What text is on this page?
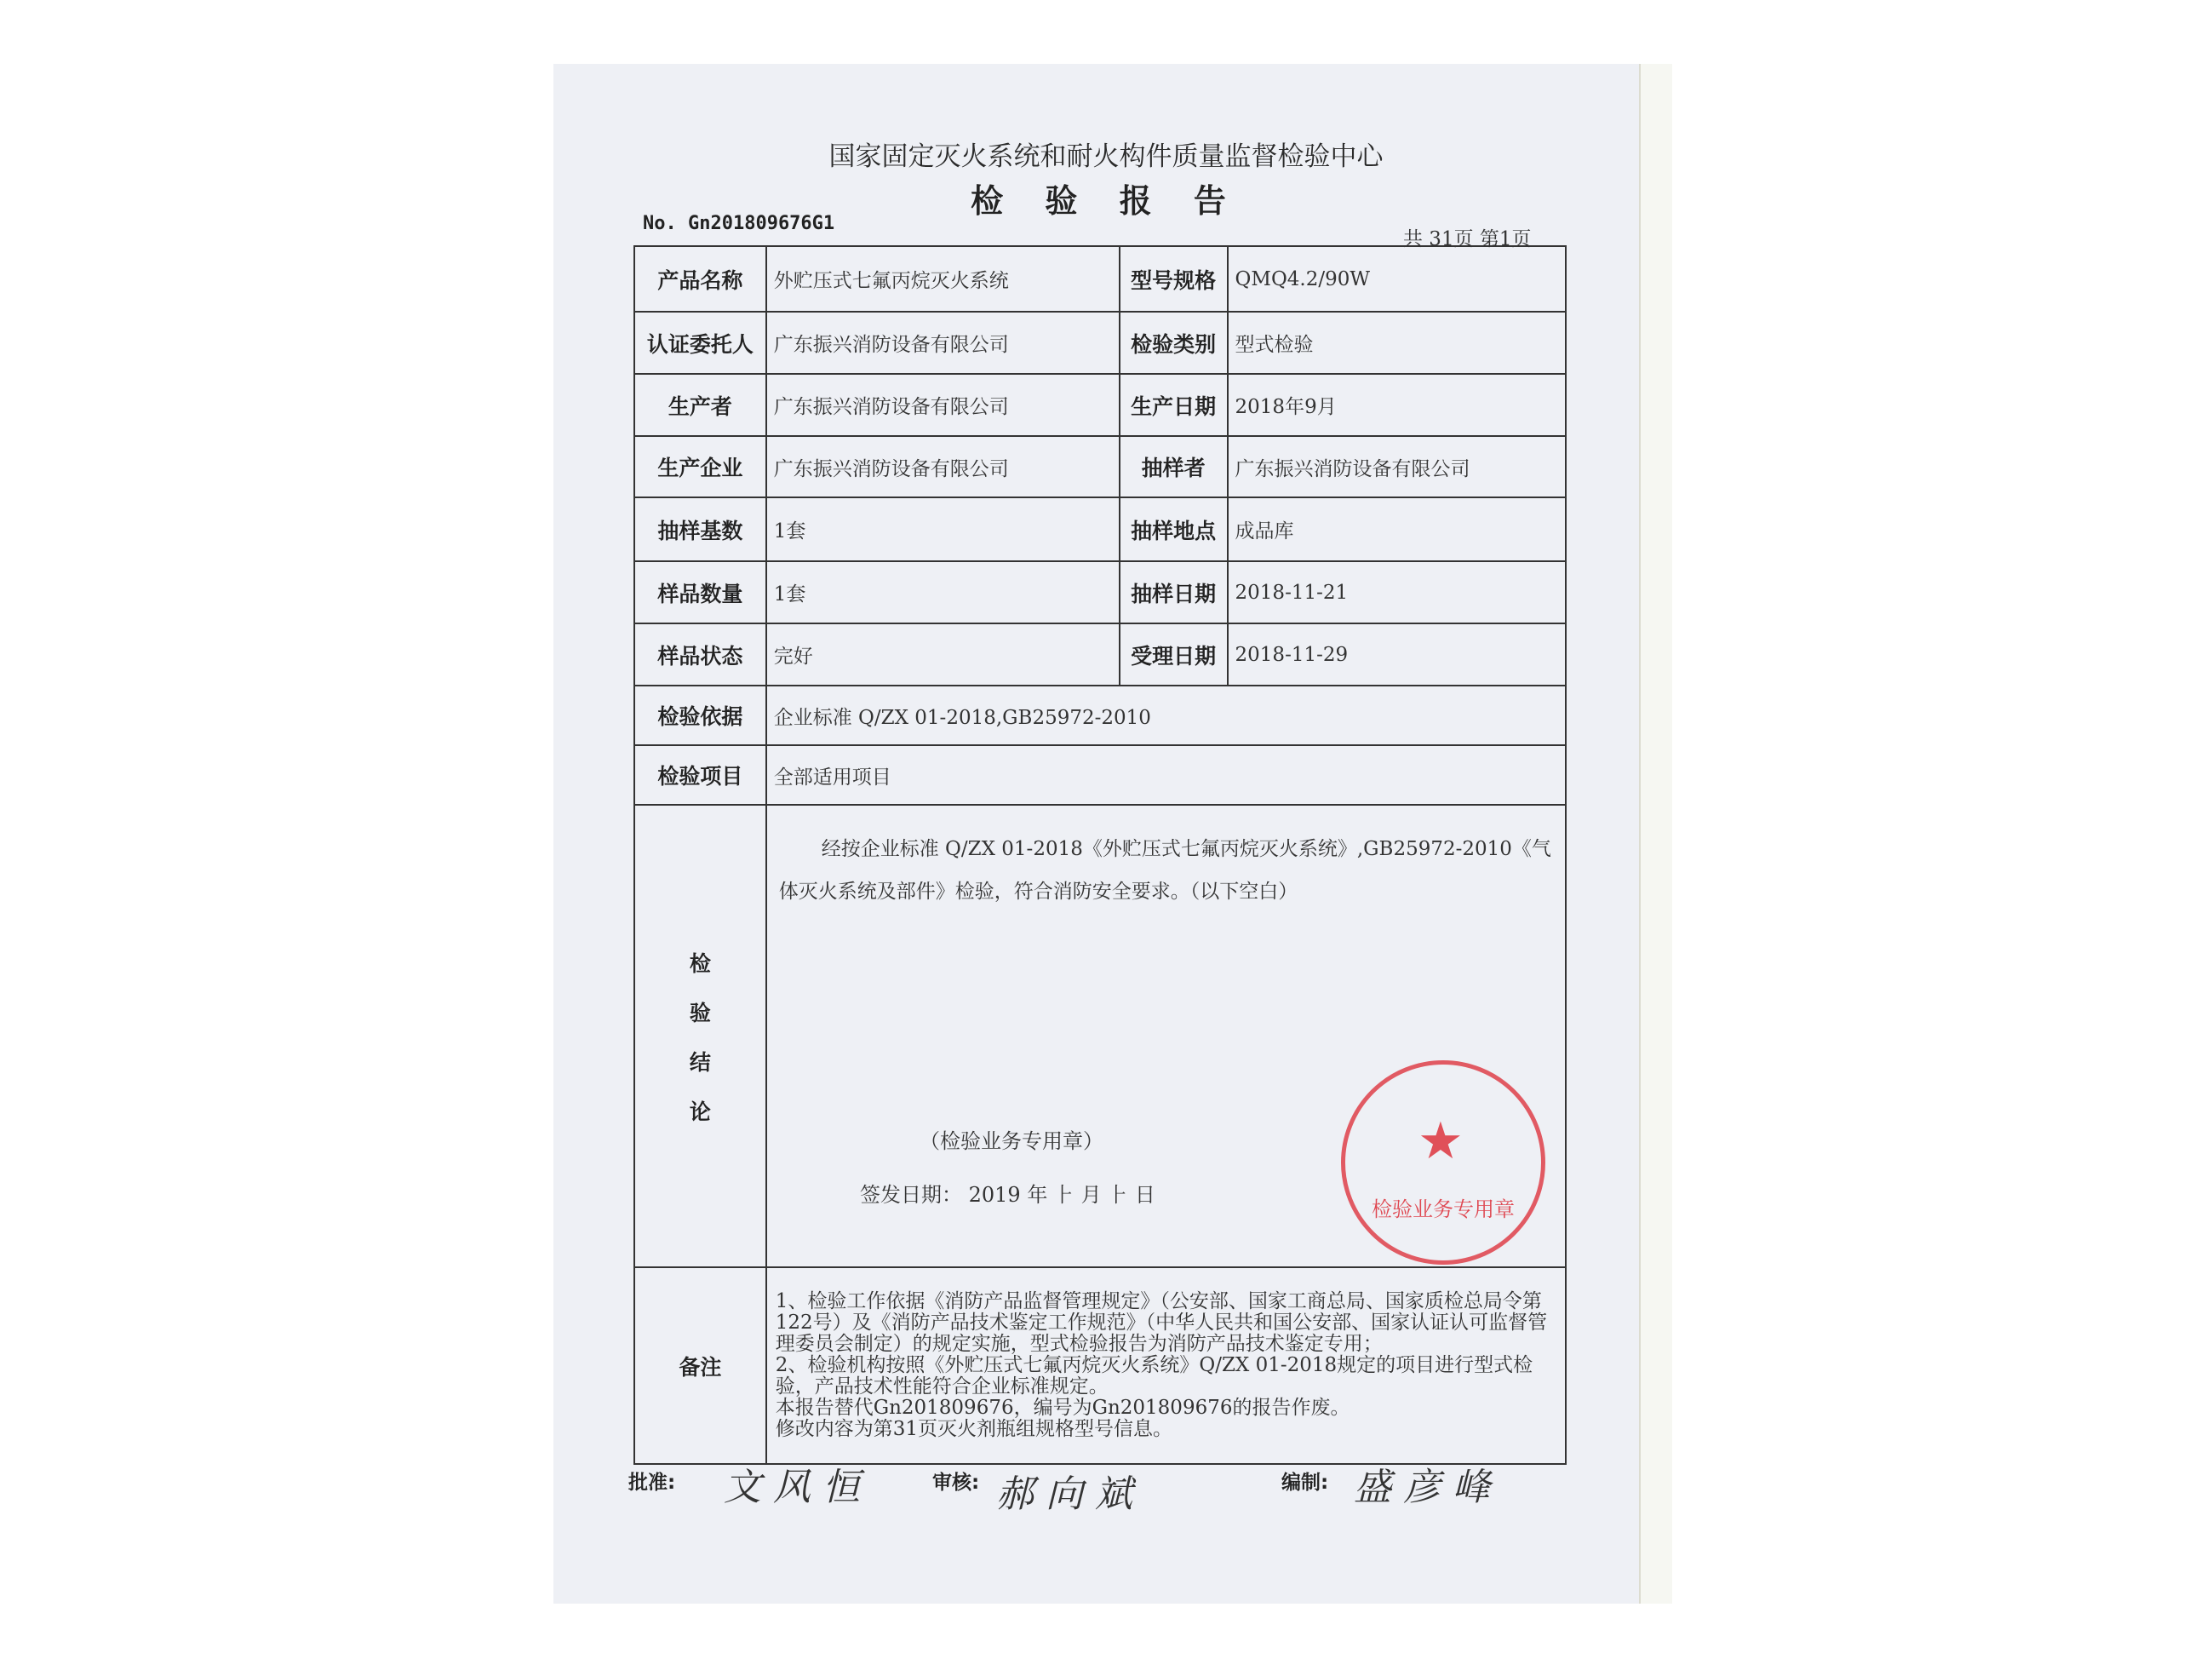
国家固定灭火系统和耐火构件质量监督检验中心
检 验 报 告
No. Gn201809676G1
共 31页 第1页
产品名称	外贮压式七氟丙烷灭火系统	型号规格	QMQ4.2/90W
认证委托人	广东振兴消防设备有限公司	检验类别	型式检验
生产者	广东振兴消防设备有限公司	生产日期	2018年9月
生产企业	广东振兴消防设备有限公司	抽样者	广东振兴消防设备有限公司
抽样基数	1套	抽样地点	成品库
样品数量	1套	抽样日期	2018-11-21
样品状态	完好	受理日期	2018-11-29
检验依据	企业标准 Q/ZX 01-2018,GB25972-2010		
检验项目	全部适用项目		

检
验
结
论	经按企业标准 Q/ZX 01-2018《外贮压式七氟丙烷灭火系统》,GB25972-2010《气体灭火系统及部件》检验，符合消防安全要求。（以下空白）		

备注	1、检验工作依据《消防产品监督管理规定》（公安部、国家工商总局、国家质检总局令第122号）及《消防产品技术鉴定工作规范》（中华人民共和国公安部、国家认证认可监督管理委员会制定）的规定实施，型式检验报告为消防产品技术鉴定专用；
2、检验机构按照《外贮压式七氟丙烷灭火系统》Q/ZX 01-2018规定的项目进行型式检验，产品技术性能符合企业标准规定。
本报告替代Gn201809676，编号为Gn201809676的报告作废。
修改内容为第31页灭火剂瓶组规格型号信息。		
（检验业务专用章）
签发日期： 2019 年 ⺊ 月 ⺊ 日
★
检验业务专用章
批准: 文 风 恒	审核: 郝 向 斌	编制: 盛 彦 峰
